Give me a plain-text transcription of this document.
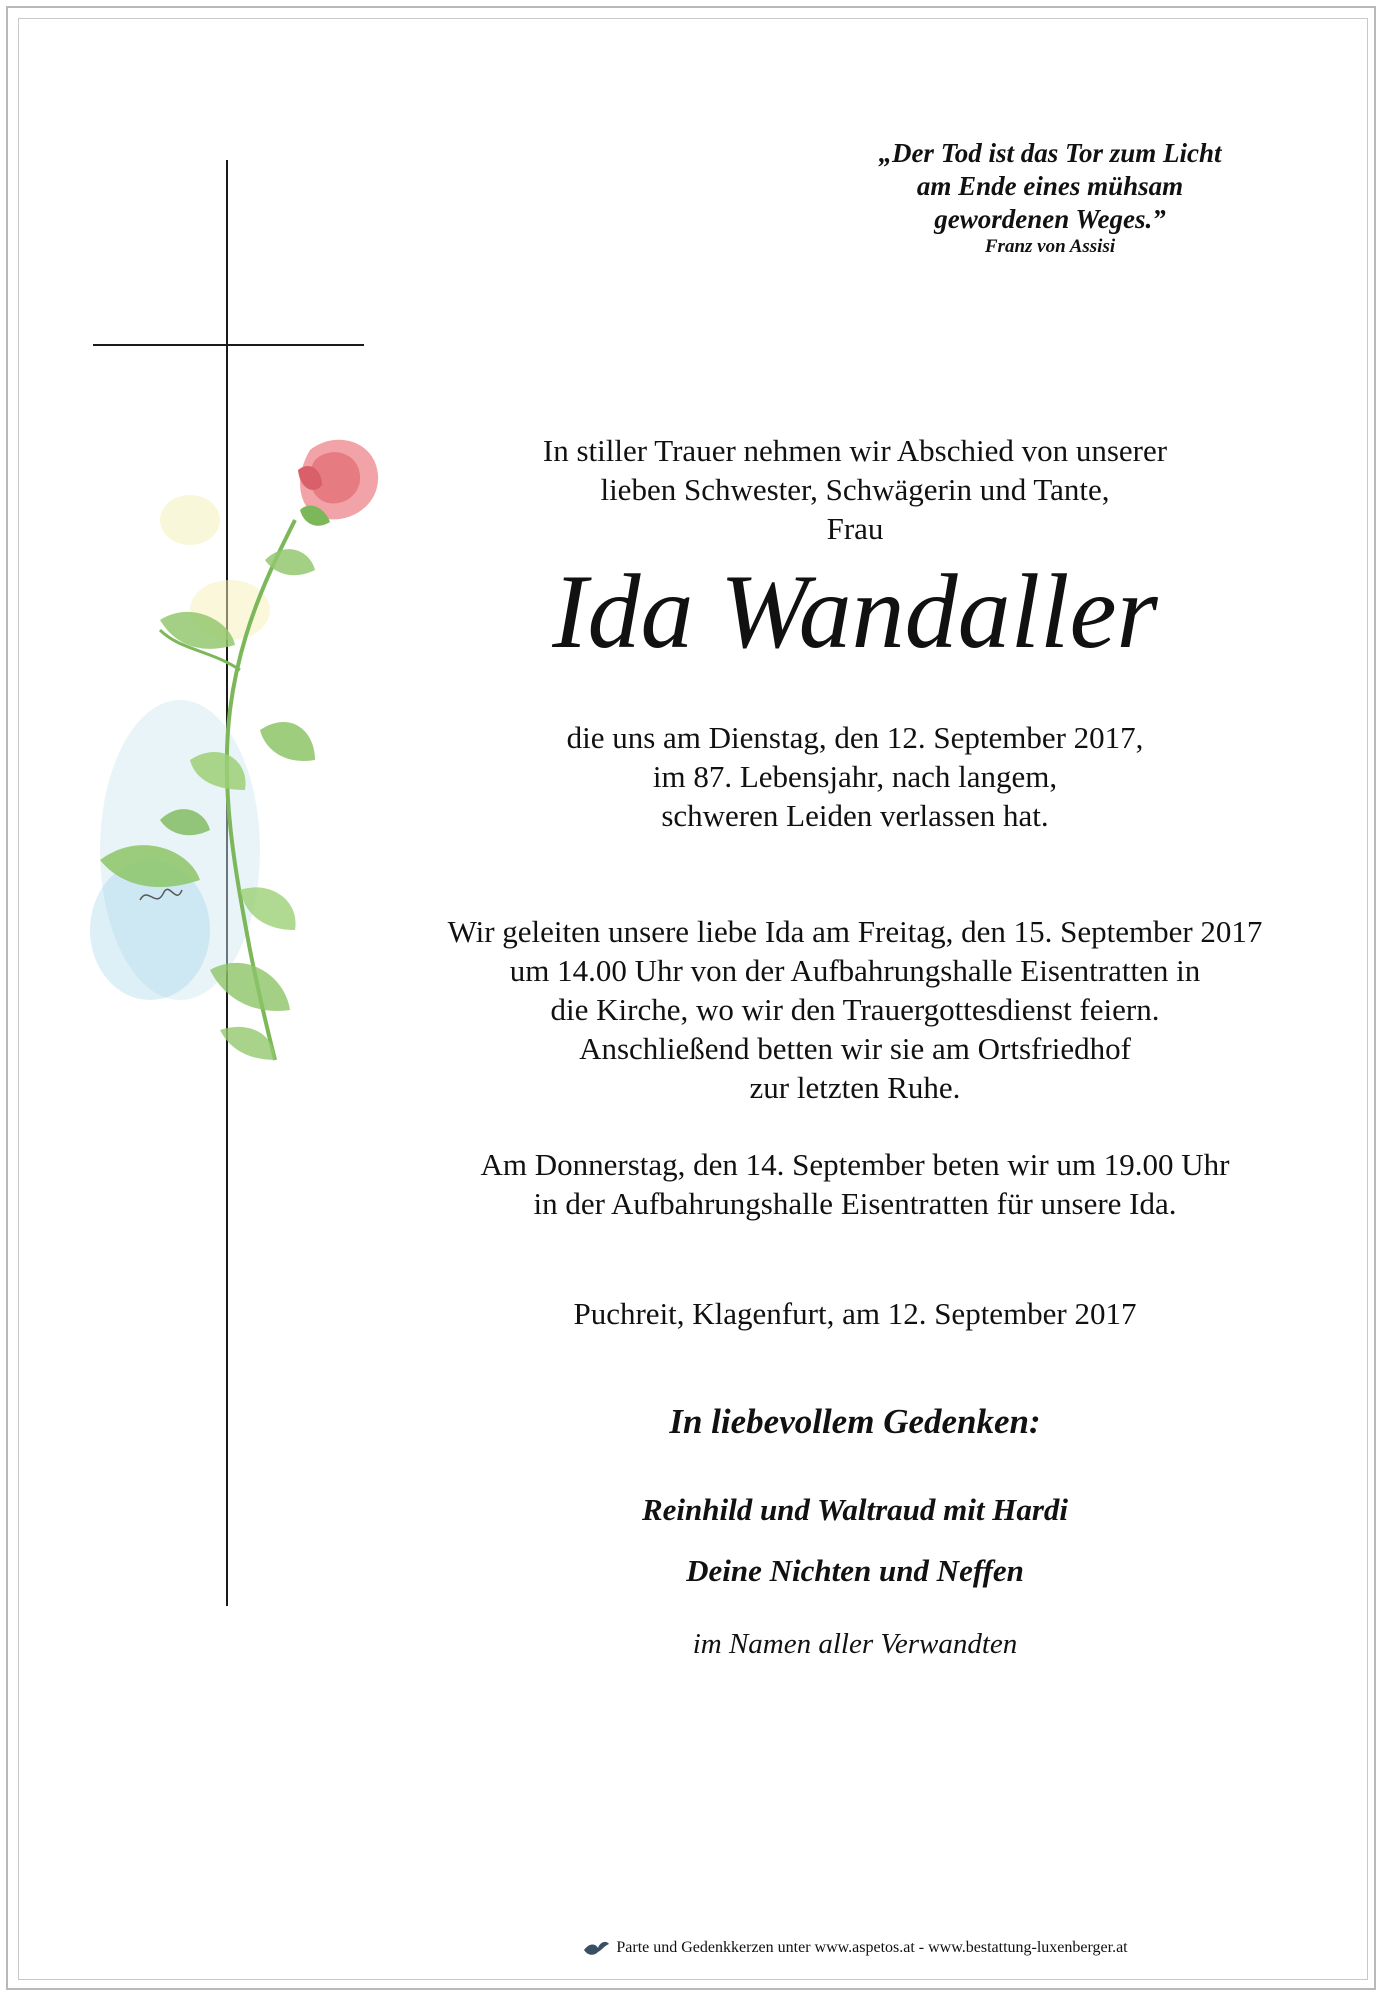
„Der Tod ist das Tor zum Licht
am Ende eines mühsam
gewordenen Weges.”
Franz von Assisi
In stiller Trauer nehmen wir Abschied von unserer
lieben Schwester, Schwägerin und Tante,
Frau
Ida Wandaller
die uns am Dienstag, den 12. September 2017,
im 87. Lebensjahr, nach langem,
schweren Leiden verlassen hat.
Wir geleiten unsere liebe Ida am Freitag, den 15. September 2017
um 14.00 Uhr von der Aufbahrungshalle Eisentratten in
die Kirche, wo wir den Trauergottesdienst feiern.
Anschließend betten wir sie am Ortsfriedhof
zur letzten Ruhe.
Am Donnerstag, den 14. September beten wir um 19.00 Uhr
in der Aufbahrungshalle Eisentratten für unsere Ida.
Puchreit, Klagenfurt, am 12. September 2017
In liebevollem Gedenken:
Reinhild und Waltraud mit Hardi
Deine Nichten und Neffen
im Namen aller Verwandten
Parte und Gedenkkerzen unter www.aspetos.at - www.bestattung-luxenberger.at
